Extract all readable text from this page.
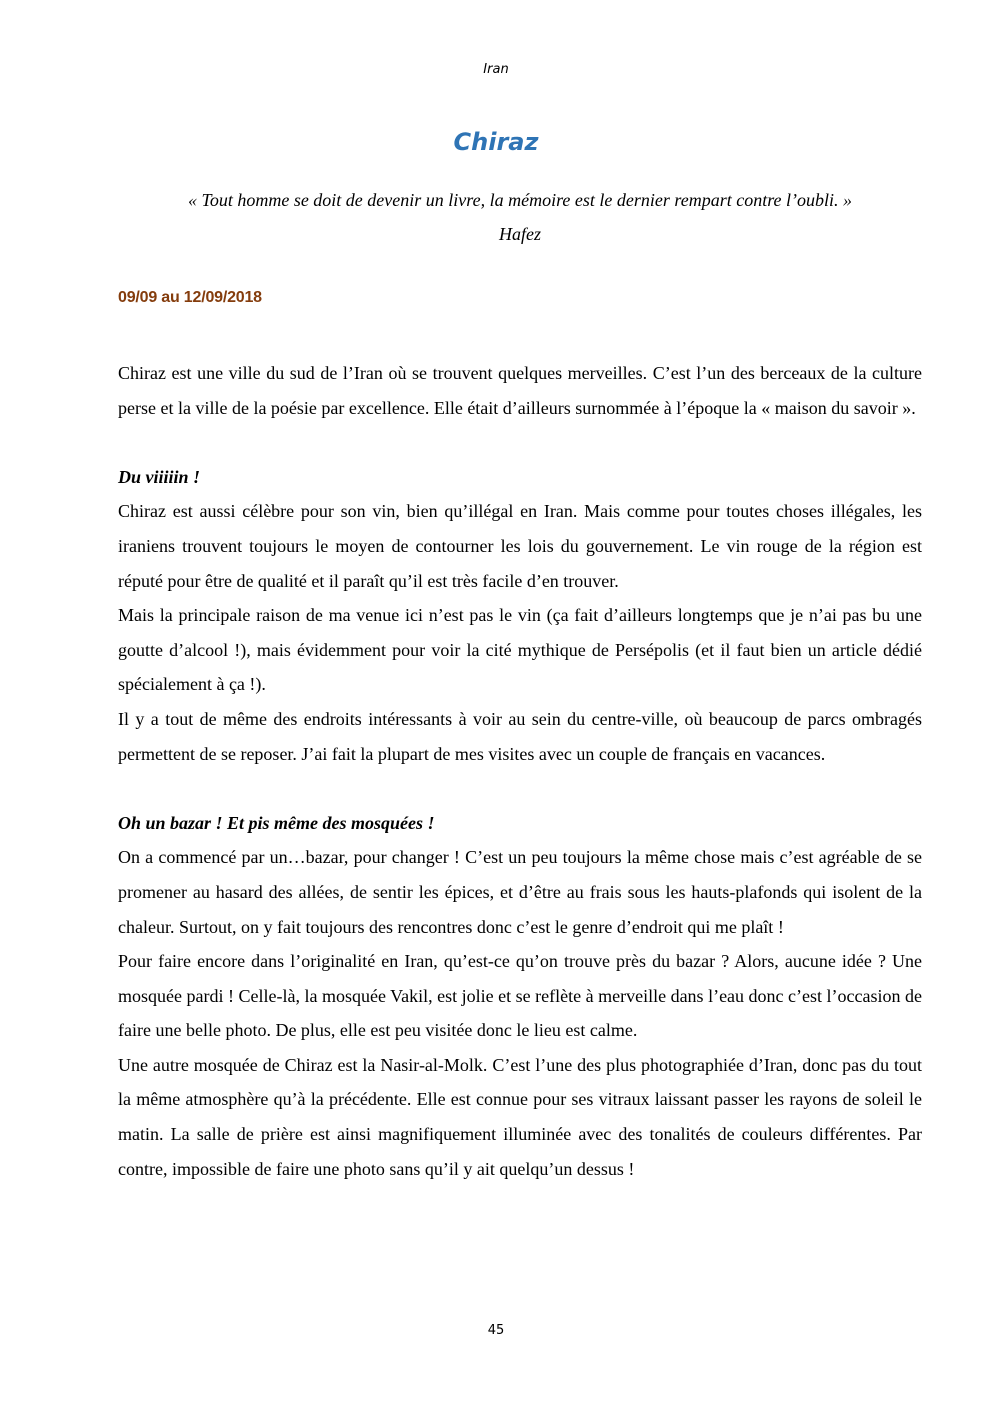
Iran
Chiraz

« Tout homme se doit de devenir un livre, la mémoire est le dernier rempart contre l’oubli. »

Hafez

09/09 au 12/09/2018

Chiraz est une ville du sud de l’Iran où se trouvent quelques merveilles. C’est l’un des berceaux de la culture perse et la ville de la poésie par excellence. Elle était d’ailleurs surnommée à l’époque la « maison du savoir ».

Du viiiiin !

Chiraz est aussi célèbre pour son vin, bien qu’illégal en Iran. Mais comme pour toutes choses illégales, les iraniens trouvent toujours le moyen de contourner les lois du gouvernement. Le vin rouge de la région est réputé pour être de qualité et il paraît qu’il est très facile d’en trouver.

Mais la principale raison de ma venue ici n’est pas le vin (ça fait d’ailleurs longtemps que je n’ai pas bu une goutte d’alcool !), mais évidemment pour voir la cité mythique de Persépolis (et il faut bien un article dédié spécialement à ça !).

Il y a tout de même des endroits intéressants à voir au sein du centre-ville, où beaucoup de parcs ombragés permettent de se reposer. J’ai fait la plupart de mes visites avec un couple de français en vacances.

Oh un bazar ! Et pis même des mosquées !

On a commencé par un…bazar, pour changer ! C’est un peu toujours la même chose mais c’est agréable de se promener au hasard des allées, de sentir les épices, et d’être au frais sous les hauts-plafonds qui isolent de la chaleur. Surtout, on y fait toujours des rencontres donc c’est le genre d’endroit qui me plaît !

Pour faire encore dans l’originalité en Iran, qu’est-ce qu’on trouve près du bazar ? Alors, aucune idée ? Une mosquée pardi ! Celle-là, la mosquée Vakil, est jolie et se reflète à merveille dans l’eau donc c’est l’occasion de faire une belle photo. De plus, elle est peu visitée donc le lieu est calme.

Une autre mosquée de Chiraz est la Nasir-al-Molk. C’est l’une des plus photographiée d’Iran, donc pas du tout la même atmosphère qu’à la précédente. Elle est connue pour ses vitraux laissant passer les rayons de soleil le matin. La salle de prière est ainsi magnifiquement illuminée avec des tonalités de couleurs différentes. Par contre, impossible de faire une photo sans qu’il y ait quelqu’un dessus !

45
